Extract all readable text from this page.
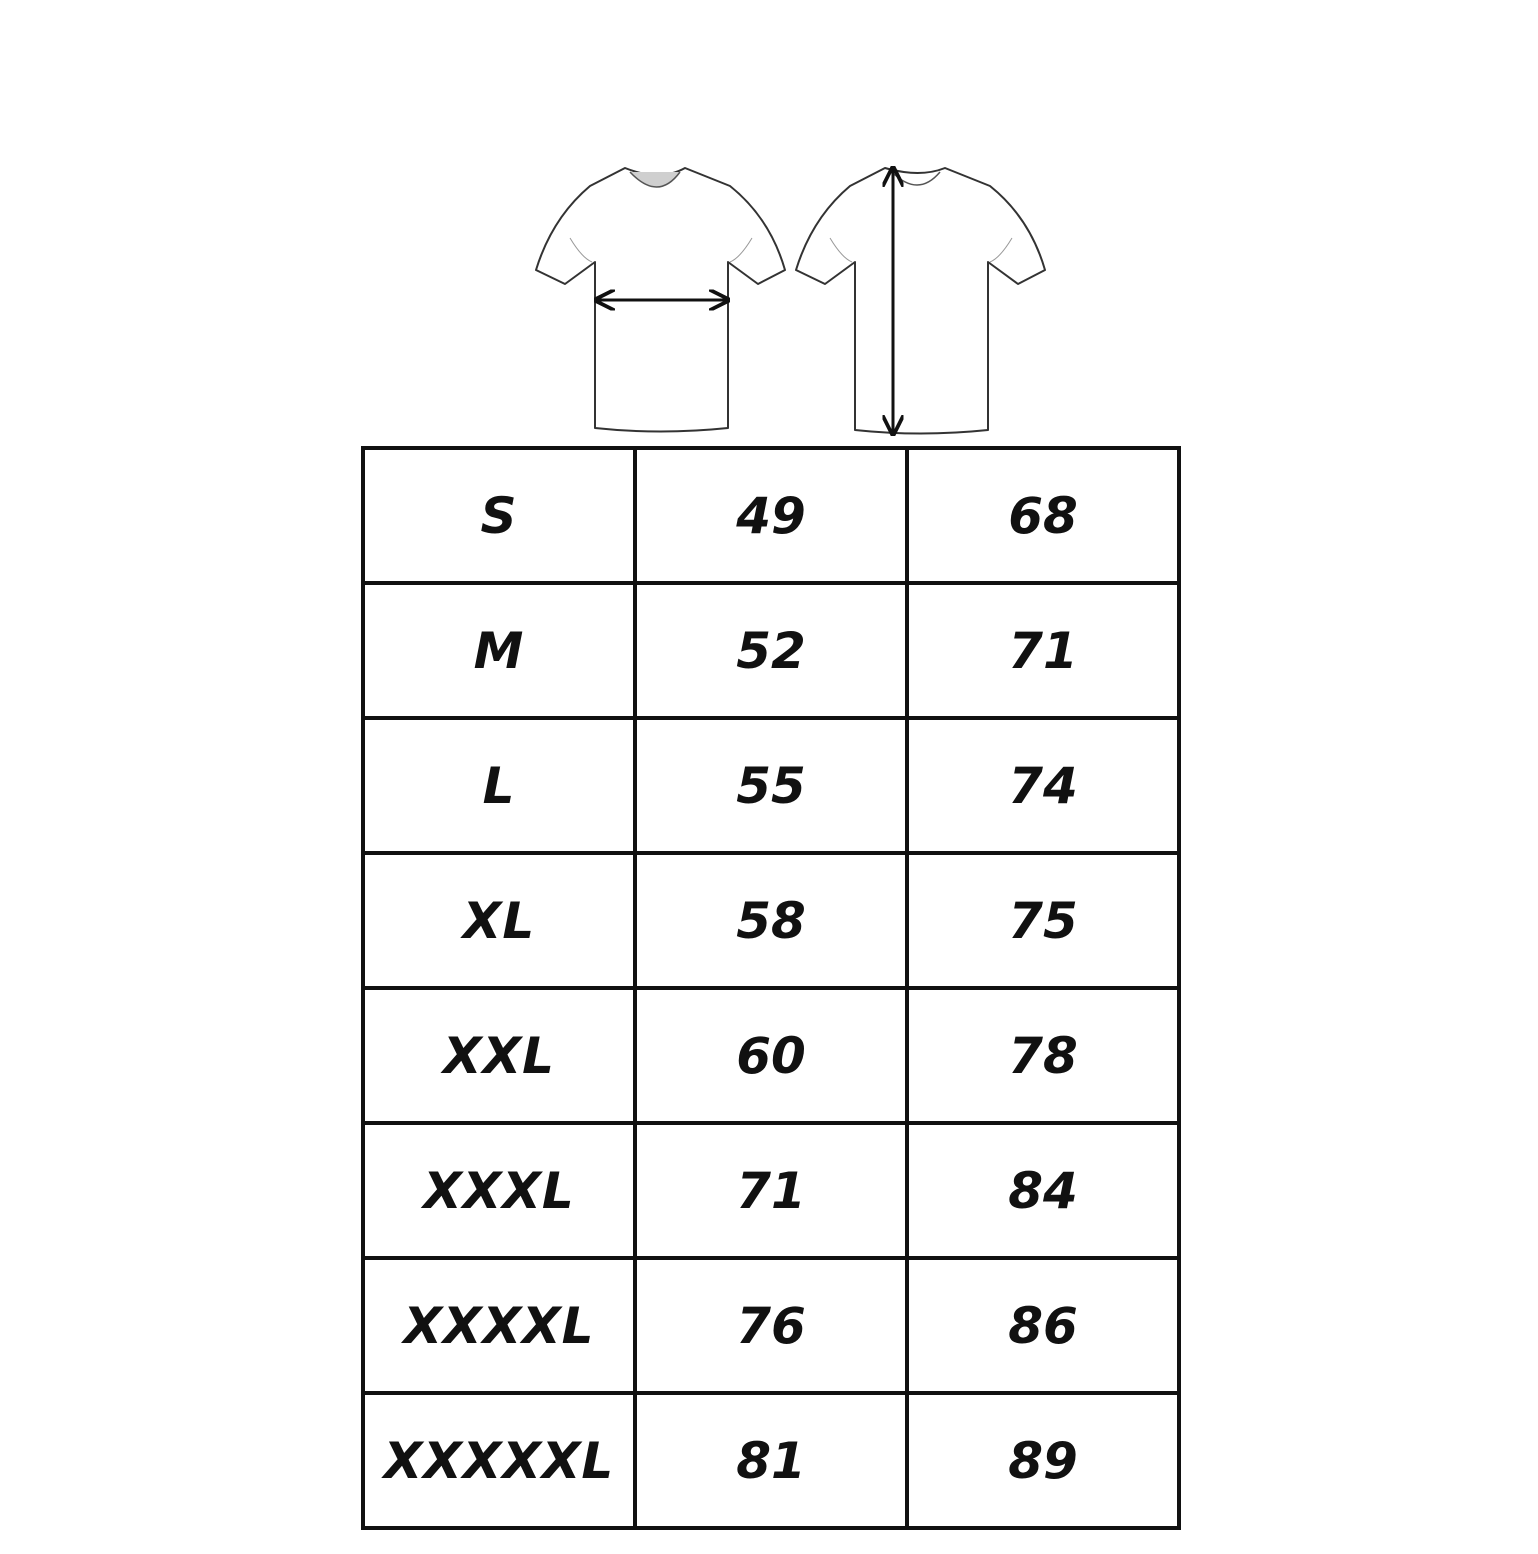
S	49	68
M	52	71
L	55	74
XL	58	75
XXL	60	78
XXXL	71	84
XXXXL	76	86
XXXXXL	81	89
